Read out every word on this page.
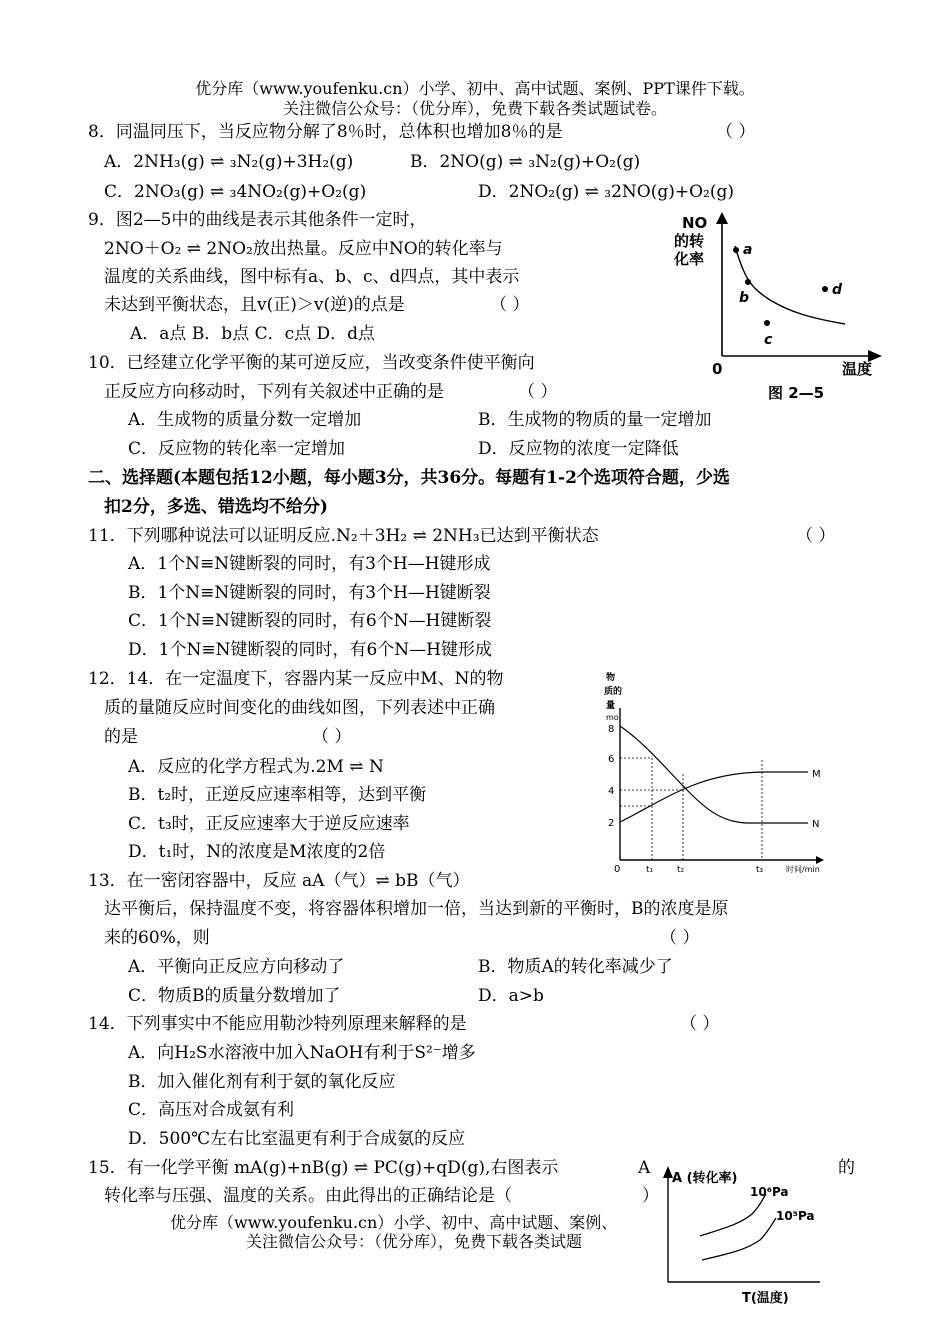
优分库（www.youfenku.cn）小学、初中、高中试题、案例、PPT课件下载。
关注微信公众号：（优分库），免费下载各类试题试卷。
8．同温同压下，当反应物分解了8％时，总体积也增加8％的是	（ ）
A．2NH₃(g) ⇌ ₃N₂(g)+3H₂(g)	B．2NO(g) ⇌ ₃N₂(g)+O₂(g)
C．2NO₃(g) ⇌ ₃4NO₂(g)+O₂(g)	D．2NO₂(g) ⇌ ₃2NO(g)+O₂(g)
9．图2—5中的曲线是表示其他条件一定时，
2NO＋O₂ ⇌ 2NO₂放出热量。反应中NO的转化率与
温度的关系曲线，图中标有a、b、c、d四点，其中表示
未达到平衡状态，且v(正)＞v(逆)的点是	（ ）
A．a点 B．b点 C．c点 D．d点
NO
的转
化率	a
b
c
d
0	温度
图 2—5
10．已经建立化学平衡的某可逆反应，当改变条件使平衡向
正反应方向移动时，下列有关叙述中正确的是	（ ）
A．生成物的质量分数一定增加	B．生成物的物质的量一定增加
C．反应物的转化率一定增加	D．反应物的浓度一定降低
二、选择题(本题包括12小题，每小题3分，共36分。每题有1-2个选项符合题，少选
扣2分，多选、错选均不给分)
11．下列哪种说法可以证明反应.N₂＋3H₂ ⇌ 2NH₃已达到平衡状态	（ ）
A．1个N≡N键断裂的同时，有3个H—H键形成
B．1个N≡N键断裂的同时，有3个H—H键断裂
C．1个N≡N键断裂的同时，有6个N—H键断裂
D．1个N≡N键断裂的同时，有6个N—H键形成
12．14．在一定温度下，容器内某一反应中M、N的物
质的量随反应时间变化的曲线如图，下列表述中正确
的是	（ ）
A．反应的化学方程式为.2M ⇌ N
B．t₂时，正逆反应速率相等，达到平衡
C．t₃时，正反应速率大于逆反应速率
D．t₁时，N的浓度是M浓度的2倍
物
质的
量
mol
8
6
4
2
0
M
N
t₁	t₂	t₃	时间/min
13．在一密闭容器中，反应 aA（气）⇌ bB（气）
达平衡后，保持温度不变，将容器体积增加一倍，当达到新的平衡时，B的浓度是原
来的60%，则	（ ）
A．平衡向正反应方向移动了	B．物质A的转化率减少了
C．物质B的质量分数增加了	D．a>b
14．下列事实中不能应用勒沙特列原理来解释的是	（ ）
A．向H₂S水溶液中加入NaOH有利于S²⁻增多
B．加入催化剂有利于氨的氧化反应
C．高压对合成氨有利
D．500℃左右比室温更有利于合成氨的反应
15．有一化学平衡 mA(g)+nB(g) ⇌ PC(g)+qD(g),右图表示	A	的
转化率与压强、温度的关系。由此得出的正确结论是（	）
优分库（www.youfenku.cn）小学、初中、高中试题、案例、
关注微信公众号：（优分库），免费下载各类试题
A (转化率)
10⁶Pa
10⁵Pa
T(温度)
